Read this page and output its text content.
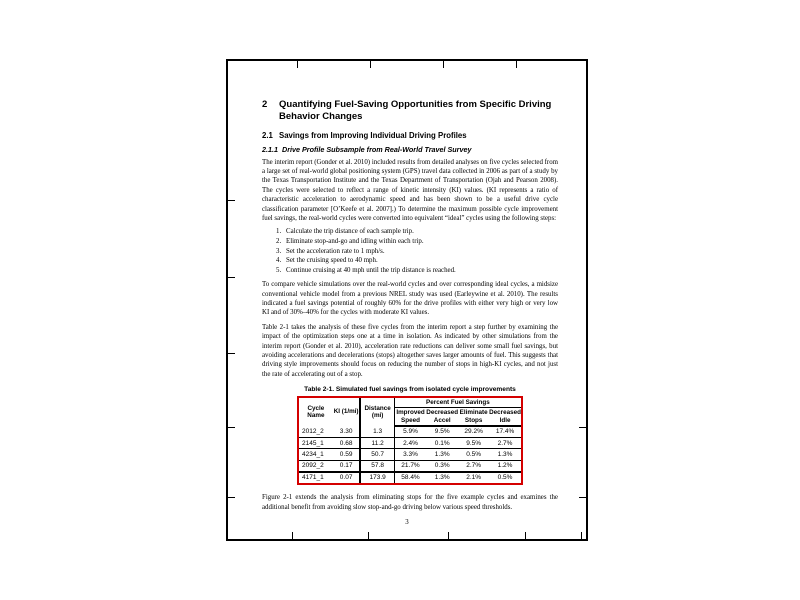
2	Quantifying Fuel-Saving Opportunities from Specific Driving Behavior Changes
2.1 Savings from Improving Individual Driving Profiles
2.1.1 Drive Profile Subsample from Real-World Travel Survey
The interim report (Gonder et al. 2010) included results from detailed analyses on five cycles selected from a large set of real-world global positioning system (GPS) travel data collected in 2006 as part of a study by the Texas Transportation Institute and the Texas Department of Transportation (Ojah and Pearson 2008). The cycles were selected to reflect a range of kinetic intensity (KI) values. (KI represents a ratio of characteristic acceleration to aerodynamic speed and has been shown to be a useful drive cycle classification parameter [O’Keefe et al. 2007].) To determine the maximum possible cycle improvement fuel savings, the real-world cycles were converted into equivalent “ideal” cycles using the following steps:
1. Calculate the trip distance of each sample trip.
2. Eliminate stop-and-go and idling within each trip.
3. Set the acceleration rate to 1 mph/s.
4. Set the cruising speed to 40 mph.
5. Continue cruising at 40 mph until the trip distance is reached.
To compare vehicle simulations over the real-world cycles and over corresponding ideal cycles, a midsize conventional vehicle model from a previous NREL study was used (Earleywine et al. 2010). The results indicated a fuel savings potential of roughly 60% for the drive profiles with either very high or very low KI and of 30%–40% for the cycles with moderate KI values.
Table 2-1 takes the analysis of these five cycles from the interim report a step further by examining the impact of the optimization steps one at a time in isolation. As indicated by other simulations from the interim report (Gonder et al. 2010), acceleration rate reductions can deliver some small fuel savings, but avoiding accelerations and decelerations (stops) altogether saves larger amounts of fuel. This suggests that driving style improvements should focus on reducing the number of stops in high-KI cycles, and not just the rate of accelerating out of a stop.
Table 2-1. Simulated fuel savings from isolated cycle improvements
Cycle Name	KI (1/mi)	Distance (mi)	Percent Fuel Savings			
			Improved Speed	Decreased Accel	Eliminate Stops	Decreased Idle
2012_2	3.30	1.3	5.9%	9.5%	29.2%	17.4%
2145_1	0.68	11.2	2.4%	0.1%	9.5%	2.7%
4234_1	0.59	50.7	3.3%	1.3%	0.5%	1.3%
2092_2	0.17	57.8	21.7%	0.3%	2.7%	1.2%
4171_1	0.07	173.9	58.4%	1.3%	2.1%	0.5%
Figure 2-1 extends the analysis from eliminating stops for the five example cycles and examines the additional benefit from avoiding slow stop-and-go driving below various speed thresholds.
3
